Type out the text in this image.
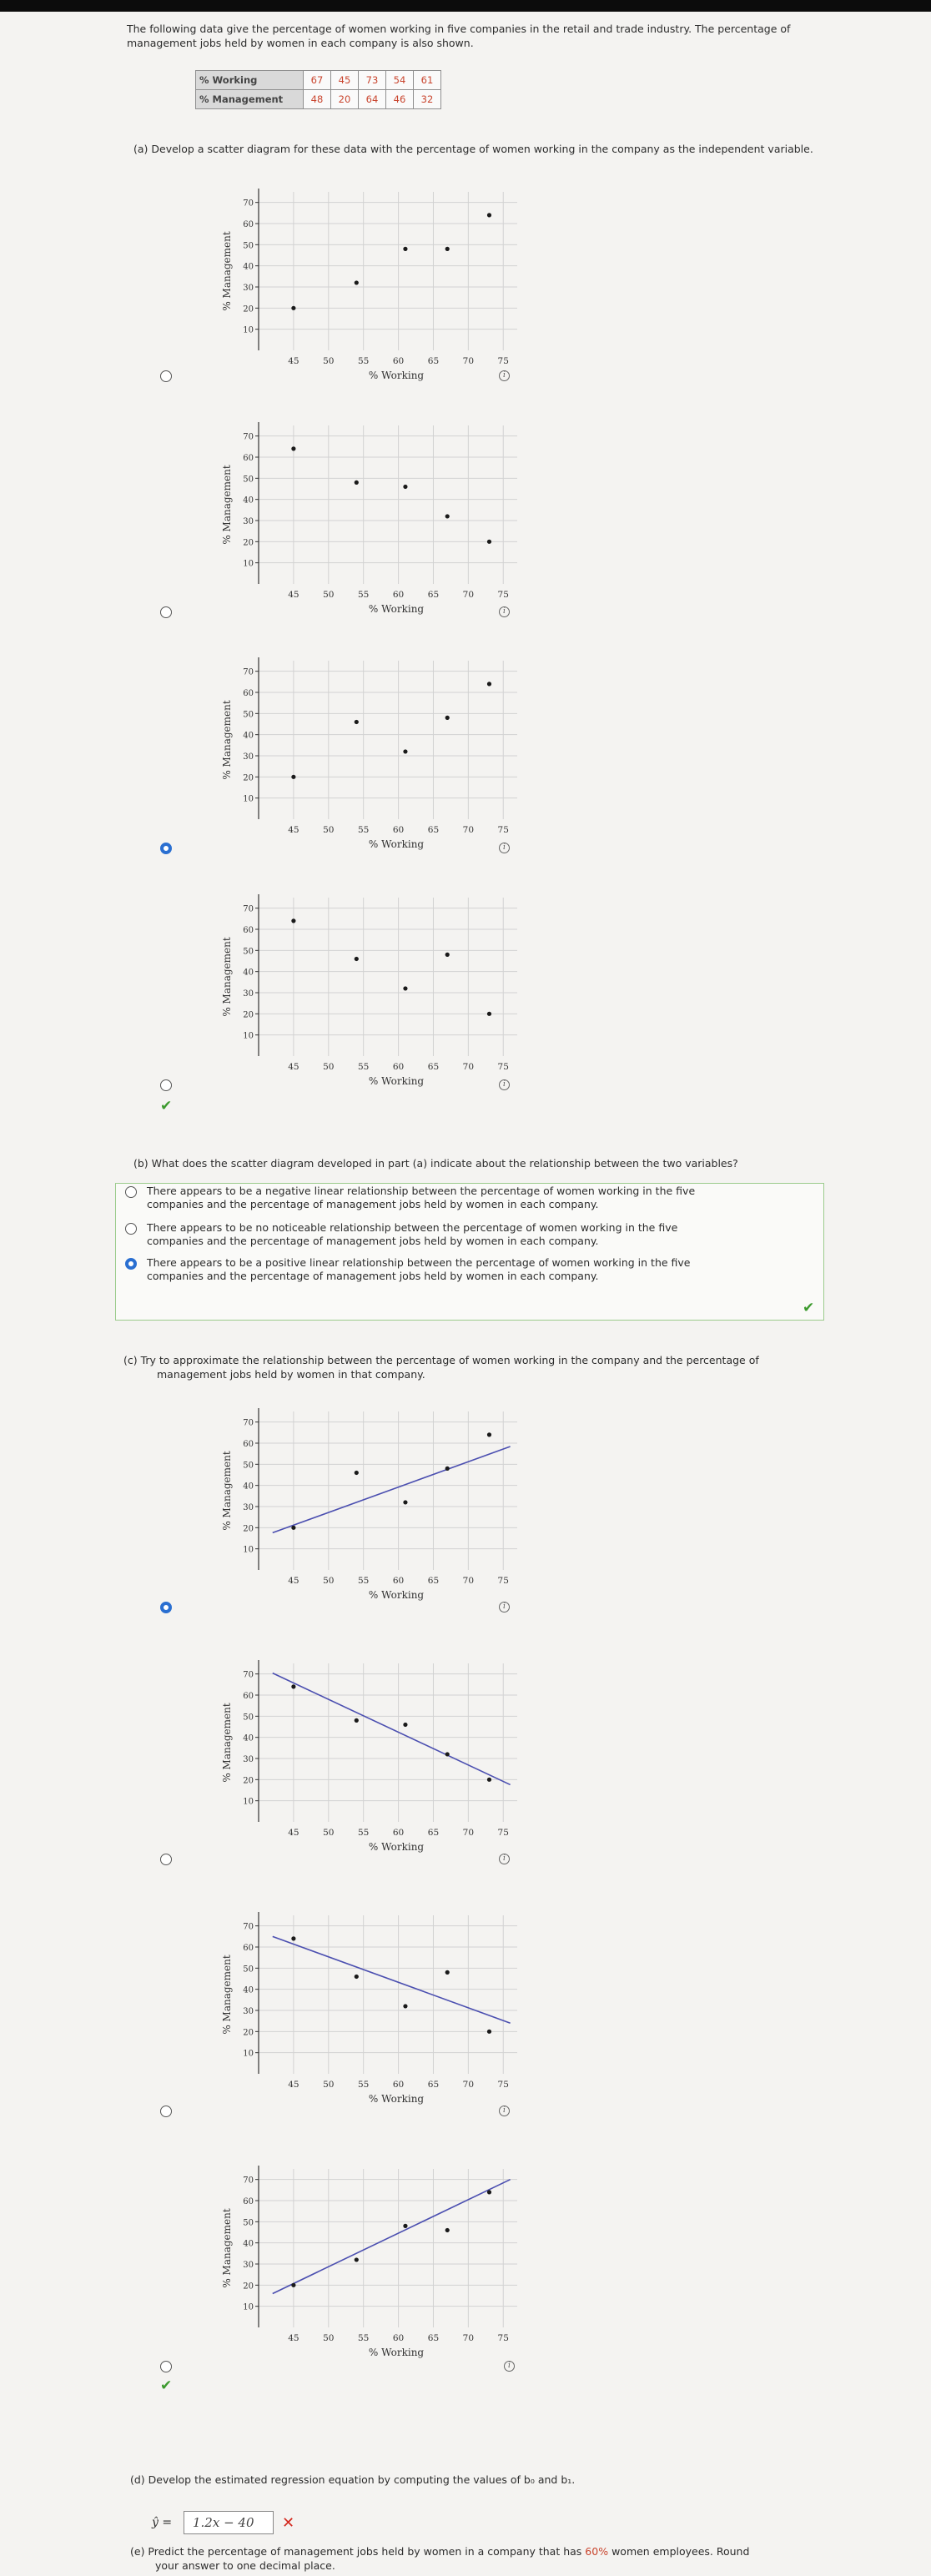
The following data give the percentage of women working in five companies in the retail and trade industry. The percentage of management jobs held by women in each company is also shown.
% Working	67	45	73	54	61
% Management	48	20	64	46	32
(a) Develop a scatter diagram for these data with the percentage of women working in the company as the independent variable.
70
60
50
40
30
20
10
45	50	55	60	65	70	75
% Working
% Management
i
70
60
50
40
30
20
10
45	50	55	60	65	70	75
% Working
% Management
i
70
60
50
40
30
20
10
45	50	55	60	65	70	75
% Working
% Management
i
70
60
50
40
30
20
10
45	50	55	60	65	70	75
% Working
% Management
i
✔
(b) What does the scatter diagram developed in part (a) indicate about the relationship between the two variables?
There appears to be a negative linear relationship between the percentage of women working in the five
companies and the percentage of management jobs held by women in each company.
There appears to be no noticeable relationship between the percentage of women working in the five
companies and the percentage of management jobs held by women in each company.
There appears to be a positive linear relationship between the percentage of women working in the five
companies and the percentage of management jobs held by women in each company.
✔
(c) Try to approximate the relationship between the percentage of women working in the company and the percentage of
management jobs held by women in that company.
70
60
50
40
30
20
10
45	50	55	60	65	70	75
% Working
% Management
i
70
60
50
40
30
20
10
45	50	55	60	65	70	75
% Working
% Management
i
70
60
50
40
30
20
10
45	50	55	60	65	70	75
% Working
% Management
i
70
60
50
40
30
20
10
45	50	55	60	65	70	75
% Working
% Management
i
✔
(d) Develop the estimated regression equation by computing the values of b₀ and b₁.
ŷ =	1.2x − 40	✕
(e) Predict the percentage of management jobs held by women in a company that has 60% women employees. Round
your answer to one decimal place.
